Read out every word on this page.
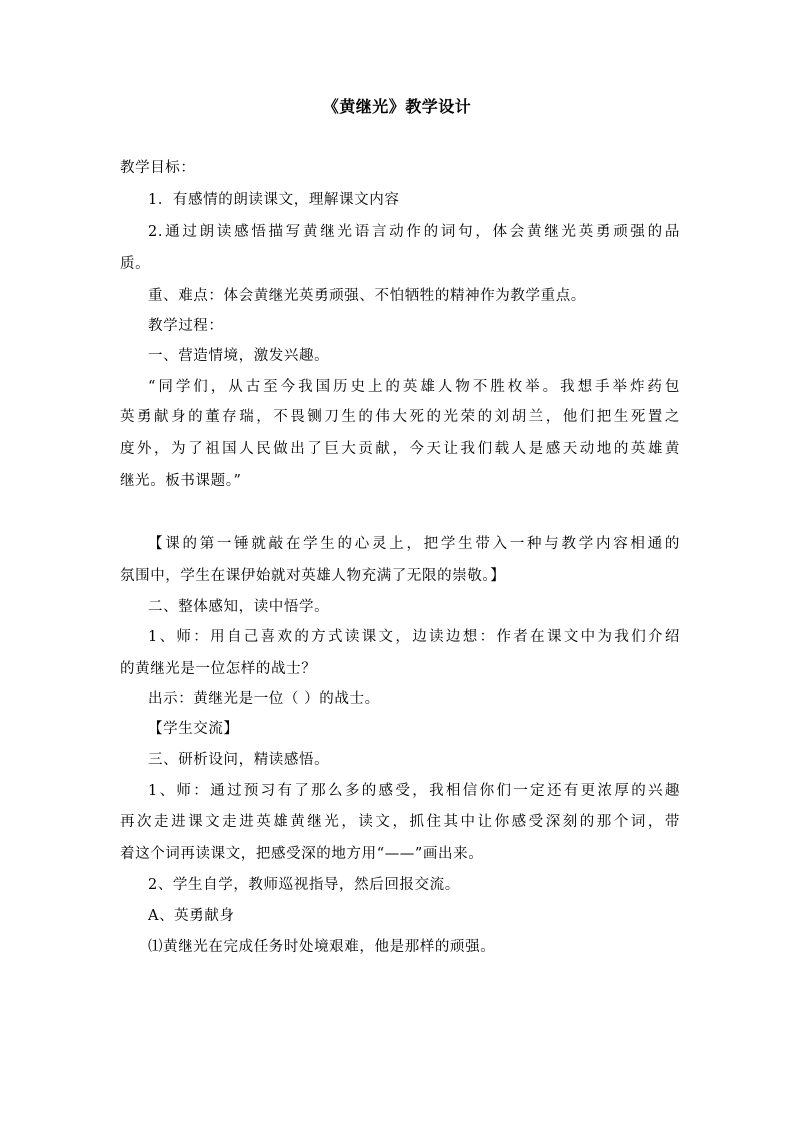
《黄继光》教学设计
教学目标：
1．有感情的朗读课文，理解课文内容
2.通过朗读感悟描写黄继光语言动作的词句，体会黄继光英勇顽强的品
质。
重、难点：体会黄继光英勇顽强、不怕牺牲的精神作为教学重点。
教学过程：
一、营造情境，激发兴趣。
“同学们，从古至今我国历史上的英雄人物不胜枚举。我想手举炸药包
英勇献身的董存瑞，不畏铡刀生的伟大死的光荣的刘胡兰，他们把生死置之
度外，为了祖国人民做出了巨大贡献，今天让我们载人是感天动地的英雄黄
继光。板书课题。”
【课的第一锤就敲在学生的心灵上，把学生带入一种与教学内容相通的
氛围中，学生在课伊始就对英雄人物充满了无限的崇敬。】
二、整体感知，读中悟学。
1、师：用自己喜欢的方式读课文，边读边想：作者在课文中为我们介绍
的黄继光是一位怎样的战士？
出示：黄继光是一位（ ）的战士。
【学生交流】
三、研析设问，精读感悟。
1、师：通过预习有了那么多的感受，我相信你们一定还有更浓厚的兴趣
再次走进课文走进英雄黄继光，读文，抓住其中让你感受深刻的那个词，带
着这个词再读课文，把感受深的地方用“——”画出来。
2、学生自学，教师巡视指导，然后回报交流。
A、英勇献身
⑴黄继光在完成任务时处境艰难，他是那样的顽强。
